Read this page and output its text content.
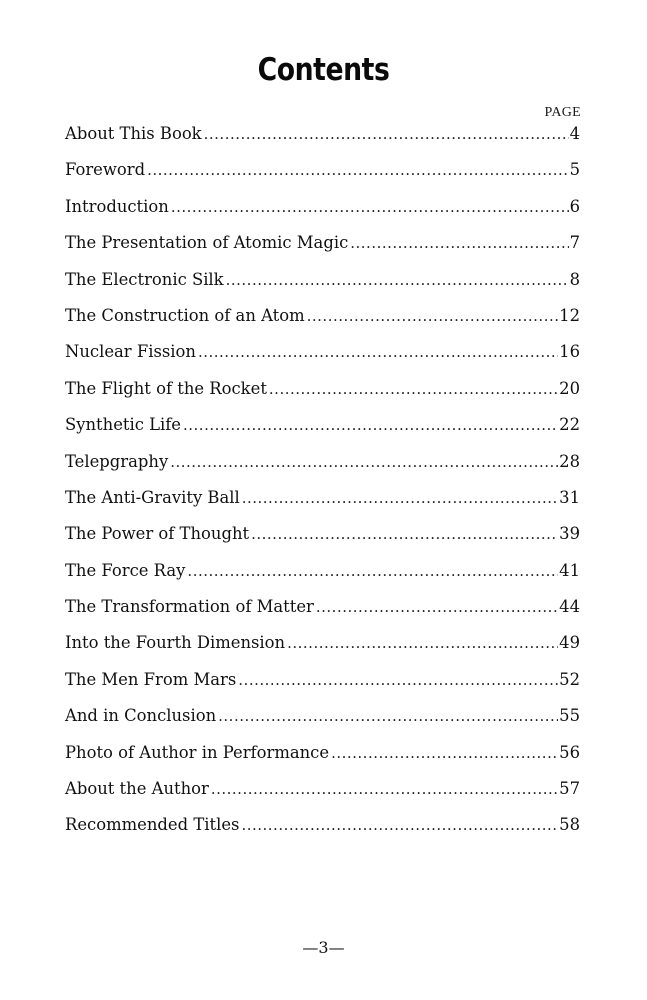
Contents
PAGE
About This Book .....	4
Foreword .....	5
Introduction .....	6
The Presentation of Atomic Magic .....	7
The Electronic Silk .....	8
The Construction of an Atom .....	12
Nuclear Fission .....	16
The Flight of the Rocket .....	20
Synthetic Life .....	22
Telepgraphy .....	28
The Anti-Gravity Ball .....	31
The Power of Thought .....	39
The Force Ray .....	41
The Transformation of Matter .....	44
Into the Fourth Dimension .....	49
The Men From Mars .....	52
And in Conclusion .....	55
Photo of Author in Performance .....	56
About the Author .....	57
Recommended Titles .....	58
—3—
